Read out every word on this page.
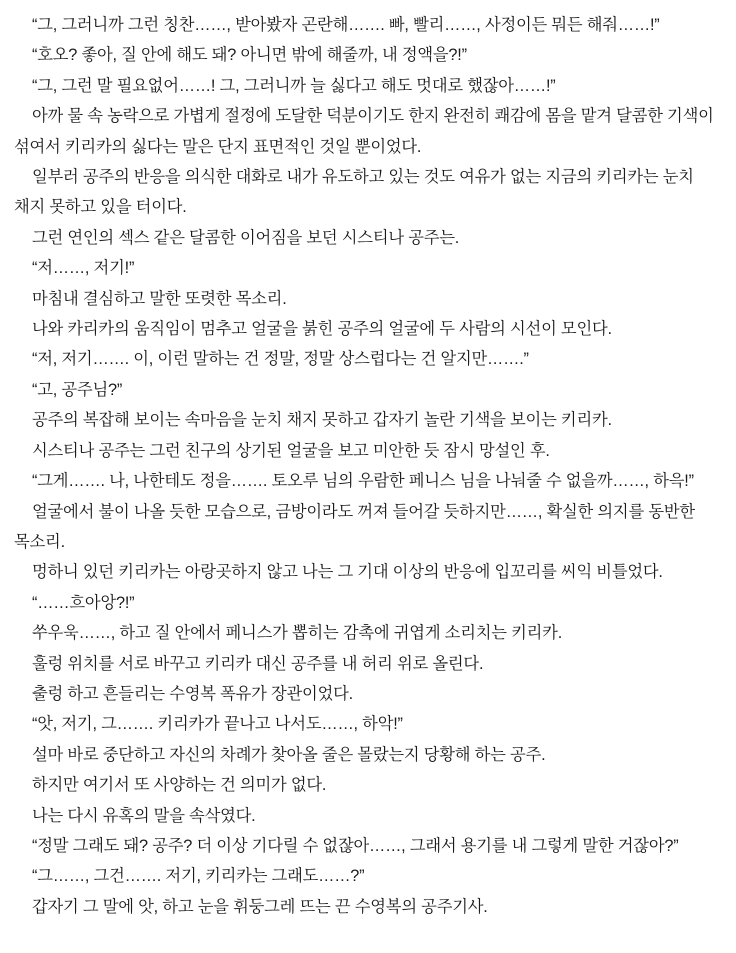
“그, 그러니까 그런 칭찬……, 받아봤자 곤란해……. 빠, 빨리……, 사정이든 뭐든 해줘……!”

“호오? 좋아, 질 안에 해도 돼? 아니면 밖에 해줄까, 내 정액을?!”

“그, 그런 말 필요없어……! 그, 그러니까 늘 싫다고 해도 멋대로 했잖아……!”

아까 물 속 농락으로 가볍게 절정에 도달한 덕분이기도 한지 완전히 쾌감에 몸을 맡겨 달콤한 기색이 섞여서 키리카의 싫다는 말은 단지 표면적인 것일 뿐이었다.

일부러 공주의 반응을 의식한 대화로 내가 유도하고 있는 것도 여유가 없는 지금의 키리카는 눈치 채지 못하고 있을 터이다.

그런 연인의 섹스 같은 달콤한 이어짐을 보던 시스티나 공주는.

“저……, 저기!”

마침내 결심하고 말한 또렷한 목소리.

나와 카리카의 움직임이 멈추고 얼굴을 붉힌 공주의 얼굴에 두 사람의 시선이 모인다.

“저, 저기……. 이, 이런 말하는 건 정말, 정말 상스럽다는 건 알지만…….”

“고, 공주님?”

공주의 복잡해 보이는 속마음을 눈치 채지 못하고 갑자기 놀란 기색을 보이는 키리카.

시스티나 공주는 그런 친구의 상기된 얼굴을 보고 미안한 듯 잠시 망설인 후.

“그게……. 나, 나한테도 정을……. 토오루 님의 우람한 페니스 님을 나눠줄 수 없을까……, 하윽!”

얼굴에서 불이 나올 듯한 모습으로, 금방이라도 꺼져 들어갈 듯하지만……, 확실한 의지를 동반한 목소리.

멍하니 있던 키리카는 아랑곳하지 않고 나는 그 기대 이상의 반응에 입꼬리를 씨익 비틀었다.

“……흐아앙?!”

쑤우욱……, 하고 질 안에서 페니스가 뽑히는 감촉에 귀엽게 소리치는 키리카.

훌렁 위치를 서로 바꾸고 키리카 대신 공주를 내 허리 위로 올린다.

출렁 하고 흔들리는 수영복 폭유가 장관이었다.

“앗, 저기, 그……. 키리카가 끝나고 나서도……, 하악!”

설마 바로 중단하고 자신의 차례가 찾아올 줄은 몰랐는지 당황해 하는 공주.

하지만 여기서 또 사양하는 건 의미가 없다.

나는 다시 유혹의 말을 속삭였다.

“정말 그래도 돼? 공주? 더 이상 기다릴 수 없잖아……, 그래서 용기를 내 그렇게 말한 거잖아?”

“그……, 그건……. 저기, 키리카는 그래도……?”

갑자기 그 말에 앗, 하고 눈을 휘둥그레 뜨는 끈 수영복의 공주기사.
